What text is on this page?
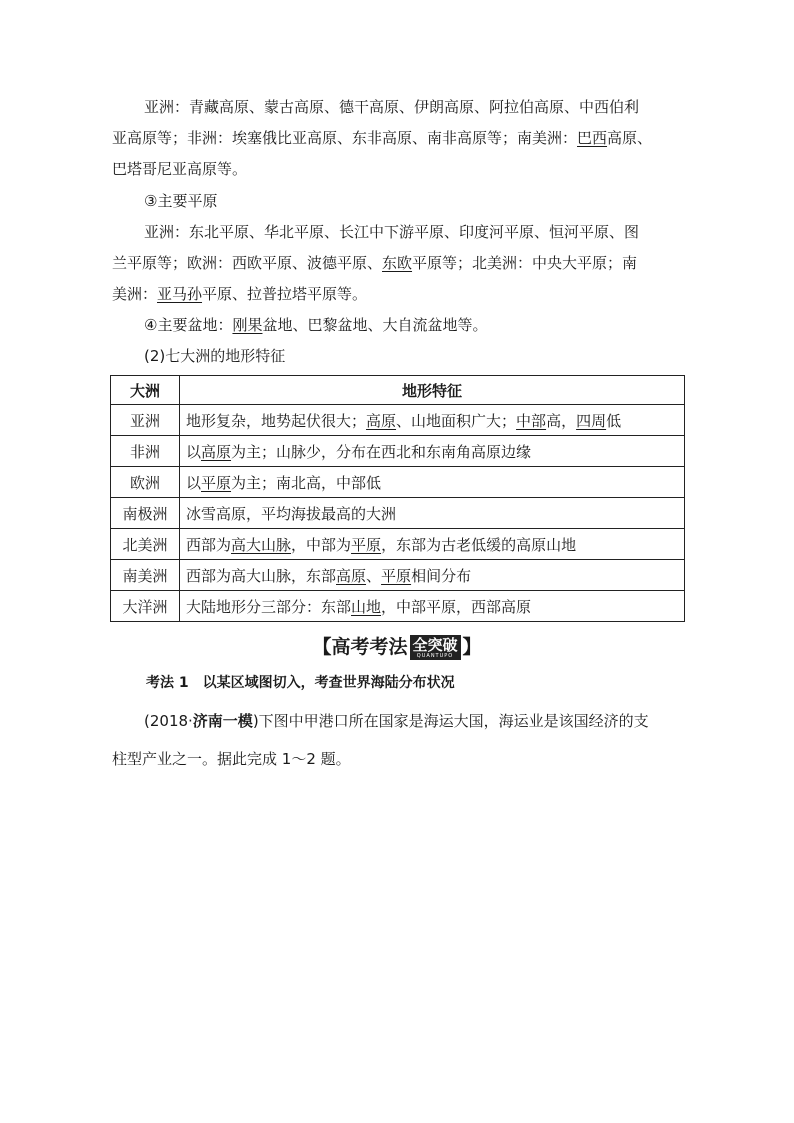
亚洲：青藏高原、蒙古高原、德干高原、伊朗高原、阿拉伯高原、中西伯利
亚高原等；非洲：埃塞俄比亚高原、东非高原、南非高原等；南美洲：巴西高原、
巴塔哥尼亚高原等。

③主要平原
亚洲：东北平原、华北平原、长江中下游平原、印度河平原、恒河平原、图
兰平原等；欧洲：西欧平原、波德平原、东欧平原等；北美洲：中央大平原；南
美洲：亚马孙平原、拉普拉塔平原等。

④主要盆地：刚果盆地、巴黎盆地、大自流盆地等。
(2)七大洲的地形特征

大洲	地形特征
亚洲	地形复杂，地势起伏很大；高原、山地面积广大；中部高，四周低
非洲	以高原为主；山脉少，分布在西北和东南角高原边缘
欧洲	以平原为主；南北高，中部低
南极洲	冰雪高原，平均海拔最高的大洲
北美洲	西部为高大山脉，中部为平原，东部为古老低缓的高原山地
南美洲	西部为高大山脉，东部高原、平原相间分布
大洋洲	大陆地形分三部分：东部山地，中部平原，西部高原
【高考考法 全突破
QUANTUPO 】

考法 1 以某区域图切入，考查世界海陆分布状况

(2018·济南一模)下图中甲港口所在国家是海运大国，海运业是该国经济的支
柱型产业之一。据此完成 1～2 题。
